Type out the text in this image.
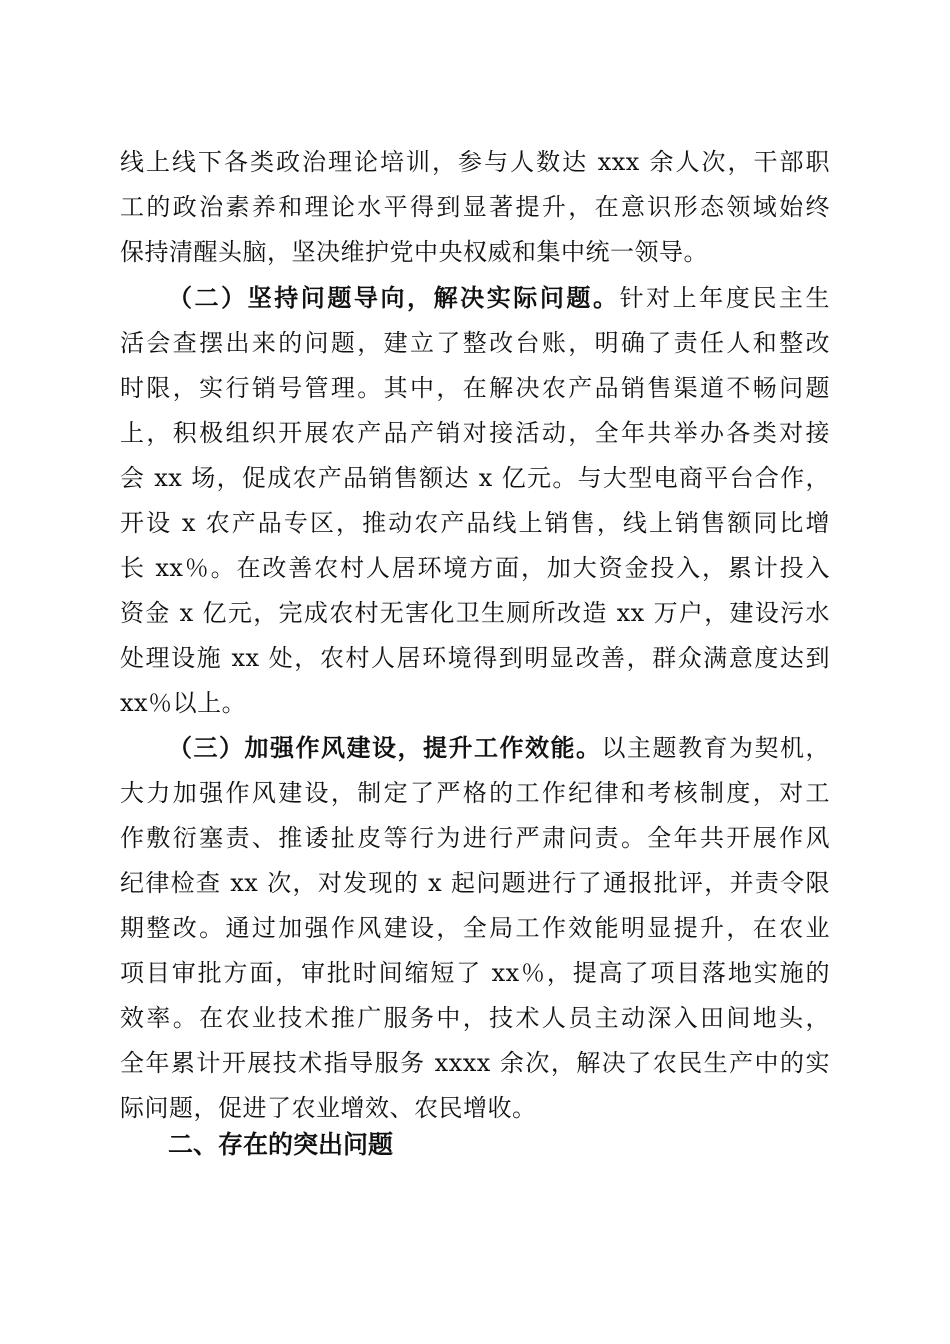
线上线下各类政治理论培训，参与人数达 xxx 余人次，干部职
工的政治素养和理论水平得到显著提升，在意识形态领域始终
保持清醒头脑，坚决维护党中央权威和集中统一领导。
（二）坚持问题导向，解决实际问题。针对上年度民主生
活会查摆出来的问题，建立了整改台账，明确了责任人和整改
时限，实行销号管理。其中，在解决农产品销售渠道不畅问题
上，积极组织开展农产品产销对接活动，全年共举办各类对接
会 xx 场，促成农产品销售额达 x 亿元。与大型电商平台合作，
开设 x 农产品专区，推动农产品线上销售，线上销售额同比增
长 xx％。在改善农村人居环境方面，加大资金投入，累计投入
资金 x 亿元，完成农村无害化卫生厕所改造 xx 万户，建设污水
处理设施 xx 处，农村人居环境得到明显改善，群众满意度达到
xx％以上。
（三）加强作风建设，提升工作效能。以主题教育为契机，
大力加强作风建设，制定了严格的工作纪律和考核制度，对工
作敷衍塞责、推诿扯皮等行为进行严肃问责。全年共开展作风
纪律检查 xx 次，对发现的 x 起问题进行了通报批评，并责令限
期整改。通过加强作风建设，全局工作效能明显提升，在农业
项目审批方面，审批时间缩短了 xx％，提高了项目落地实施的
效率。在农业技术推广服务中，技术人员主动深入田间地头，
全年累计开展技术指导服务 xxxx 余次，解决了农民生产中的实
际问题，促进了农业增效、农民增收。
二、存在的突出问题
